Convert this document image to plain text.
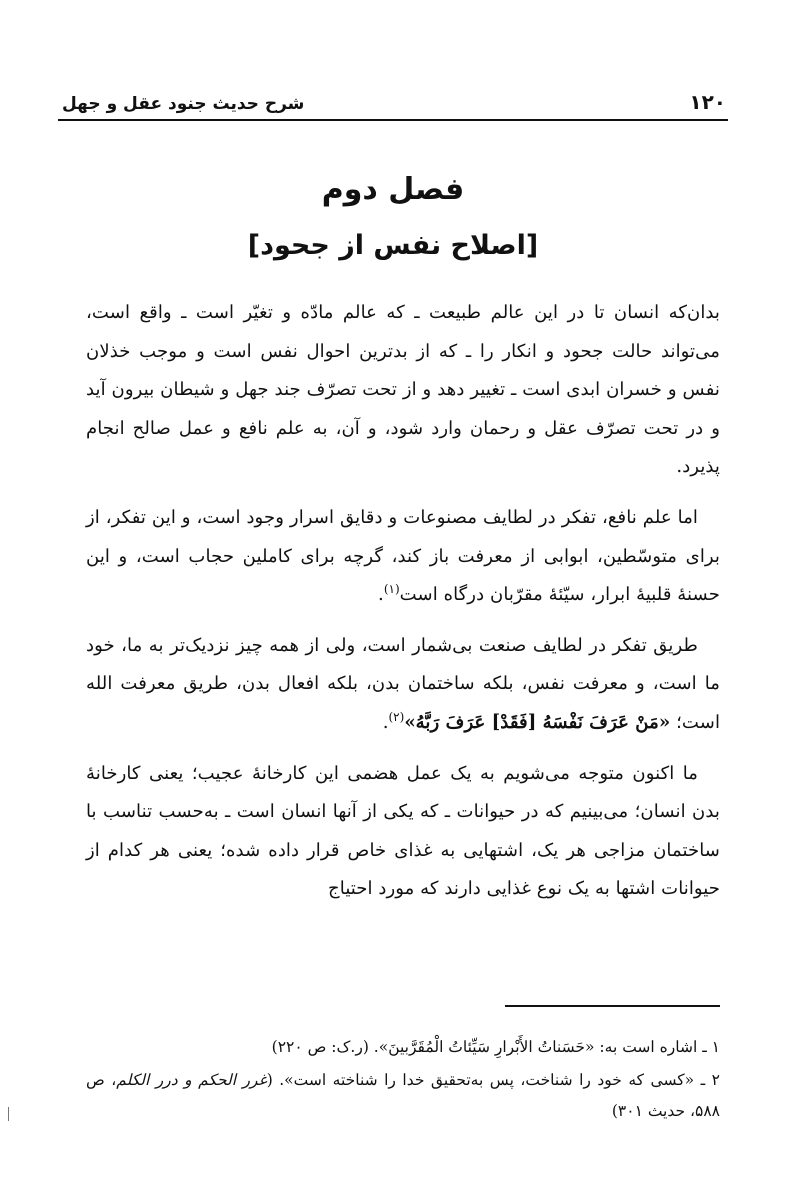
۱۲۰
شرح حدیث جنود عقل و جهل
فصل دوم
[اصلاح نفس از جحود]

بدان‌که انسان تا در این عالم طبیعت ـ که عالم مادّه و تغیّر است ـ واقع است، می‌تواند حالت جحود و انکار را ـ که از بدترین احوال نفس است و موجب خذلان نفس و خسران ابدی است ـ تغییر دهد و از تحت تصرّف جند جهل و شیطان بیرون آید و در تحت تصرّف عقل و رحمان وارد شود، و آن، به علم نافع و عمل صالح انجام پذیرد.

اما علم نافع، تفکر در لطایف مصنوعات و دقایق اسرار وجود است، و این تفکر، از برای متوسّطین، ابوابی از معرفت باز کند، گرچه برای کاملین حجاب است، و این حسنهٔ قلبیهٔ ابرار، سیّئهٔ مقرّبان درگاه است$^{(۱)}$.

طریق تفکر در لطایف صنعت بی‌شمار است، ولی از همه چیز نزدیک‌تر به ما، خود ما است، و معرفت نفس، بلکه ساختمان بدن، بلکه افعال بدن، طریق معرفت الله است؛ «مَنْ عَرَفَ نَفْسَهُ [فَقَدْ] عَرَفَ رَبَّهُ»$^{(۲)}$.

ما اکنون متوجه می‌شویم به یک عمل هضمی این کارخانهٔ عجیب؛ یعنی کارخانهٔ بدن انسان؛ می‌بینیم که در حیوانات ـ که یکی از آنها انسان است ـ به‌حسب تناسب با ساختمان مزاجی هر یک، اشتهایی به غذای خاص قرار داده شده؛ یعنی هر کدام از حیوانات اشتها به یک نوع غذایی دارند که مورد احتیاج

۱ ـ اشاره است به: «حَسَناتُ الأَبْرارِ سَیِّئاتُ الْمُقَرَّبینَ». (ر.ک: ص ۲۲۰)

۲ ـ «کسی که خود را شناخت، پس به‌تحقیق خدا را شناخته است». (غرر الحکم و درر الکلم، ص ۵۸۸، حدیث ۳۰۱)
